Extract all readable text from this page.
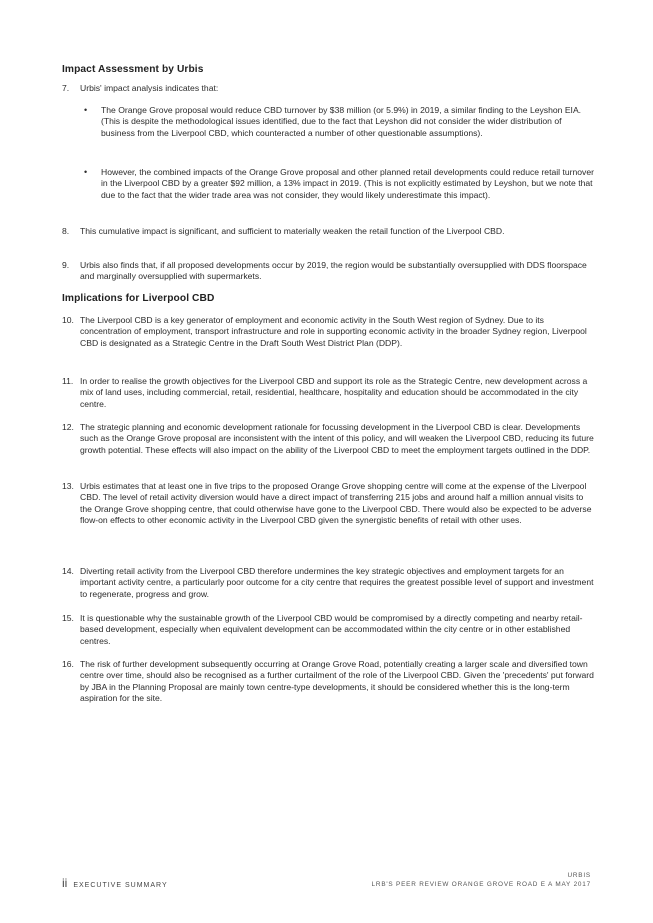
Impact Assessment by Urbis
7. Urbis' impact analysis indicates that:
• The Orange Grove proposal would reduce CBD turnover by $38 million (or 5.9%) in 2019, a similar finding to the Leyshon EIA. (This is despite the methodological issues identified, due to the fact that Leyshon did not consider the wider distribution of business from the Liverpool CBD, which counteracted a number of other questionable assumptions).
• However, the combined impacts of the Orange Grove proposal and other planned retail developments could reduce retail turnover in the Liverpool CBD by a greater $92 million, a 13% impact in 2019. (This is not explicitly estimated by Leyshon, but we note that due to the fact that the wider trade area was not consider, they would likely underestimate this impact).
8. This cumulative impact is significant, and sufficient to materially weaken the retail function of the Liverpool CBD.
9. Urbis also finds that, if all proposed developments occur by 2019, the region would be substantially oversupplied with DDS floorspace and marginally oversupplied with supermarkets.
Implications for Liverpool CBD
10. The Liverpool CBD is a key generator of employment and economic activity in the South West region of Sydney. Due to its concentration of employment, transport infrastructure and role in supporting economic activity in the broader Sydney region, Liverpool CBD is designated as a Strategic Centre in the Draft South West District Plan (DDP).
11. In order to realise the growth objectives for the Liverpool CBD and support its role as the Strategic Centre, new development across a mix of land uses, including commercial, retail, residential, healthcare, hospitality and education should be accommodated in the city centre.
12. The strategic planning and economic development rationale for focussing development in the Liverpool CBD is clear. Developments such as the Orange Grove proposal are inconsistent with the intent of this policy, and will weaken the Liverpool CBD, reducing its future growth potential. These effects will also impact on the ability of the Liverpool CBD to meet the employment targets outlined in the DDP.
13. Urbis estimates that at least one in five trips to the proposed Orange Grove shopping centre will come at the expense of the Liverpool CBD. The level of retail activity diversion would have a direct impact of transferring 215 jobs and around half a million annual visits to the Orange Grove shopping centre, that could otherwise have gone to the Liverpool CBD. There would also be expected to be adverse flow-on effects to other economic activity in the Liverpool CBD given the synergistic benefits of retail with other uses.
14. Diverting retail activity from the Liverpool CBD therefore undermines the key strategic objectives and employment targets for an important activity centre, a particularly poor outcome for a city centre that requires the greatest possible level of support and investment to regenerate, progress and grow.
15. It is questionable why the sustainable growth of the Liverpool CBD would be compromised by a directly competing and nearby retail-based development, especially when equivalent development can be accommodated within the city centre or in other established centres.
16. The risk of further development subsequently occurring at Orange Grove Road, potentially creating a larger scale and diversified town centre over time, should also be recognised as a further curtailment of the role of the Liverpool CBD. Given the 'precedents' put forward by JBA in the Planning Proposal are mainly town centre-type developments, it should be considered whether this is the long-term aspiration for the site.
ii EXECUTIVE SUMMARY
URBIS
LRB'S PEER REVIEW ORANGE GROVE ROAD E A MAY 2017
